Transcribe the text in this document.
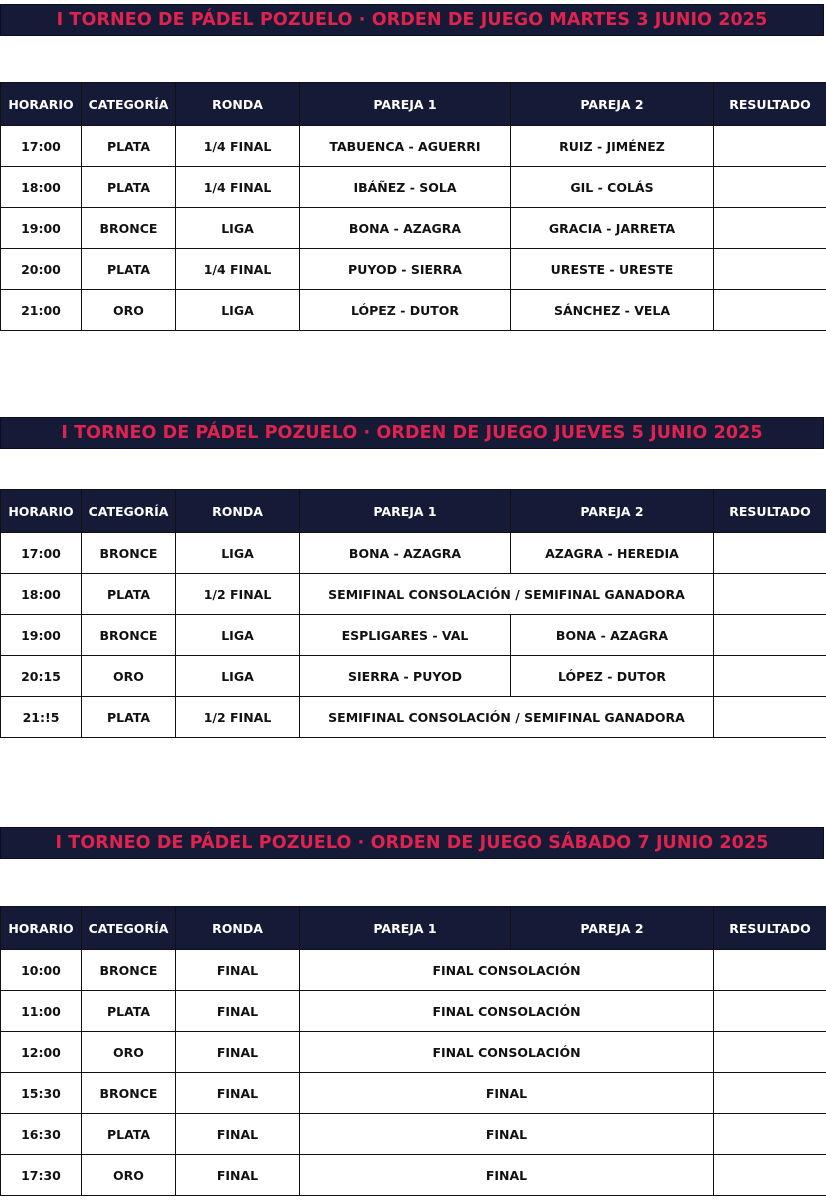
I TORNEO DE PÁDEL POZUELO · ORDEN DE JUEGO MARTES 3 JUNIO 2025
HORARIO	CATEGORÍA	RONDA	PAREJA 1	PAREJA 2	RESULTADO
17:00	PLATA	1/4 FINAL	TABUENCA - AGUERRI	RUIZ - JIMÉNEZ	
18:00	PLATA	1/4 FINAL	IBÁÑEZ - SOLA	GIL - COLÁS	
19:00	BRONCE	LIGA	BONA - AZAGRA	GRACIA - JARRETA	
20:00	PLATA	1/4 FINAL	PUYOD - SIERRA	URESTE - URESTE	
21:00	ORO	LIGA	LÓPEZ - DUTOR	SÁNCHEZ - VELA	
I TORNEO DE PÁDEL POZUELO · ORDEN DE JUEGO JUEVES 5 JUNIO 2025
HORARIO	CATEGORÍA	RONDA	PAREJA 1	PAREJA 2	RESULTADO
17:00	BRONCE	LIGA	BONA - AZAGRA	AZAGRA - HEREDIA	
18:00	PLATA	1/2 FINAL	SEMIFINAL CONSOLACIÓN / SEMIFINAL GANADORA		
19:00	BRONCE	LIGA	ESPLIGARES - VAL	BONA - AZAGRA	
20:15	ORO	LIGA	SIERRA - PUYOD	LÓPEZ - DUTOR	
21:!5	PLATA	1/2 FINAL	SEMIFINAL CONSOLACIÓN / SEMIFINAL GANADORA		
I TORNEO DE PÁDEL POZUELO · ORDEN DE JUEGO SÁBADO 7 JUNIO 2025
HORARIO	CATEGORÍA	RONDA	PAREJA 1	PAREJA 2	RESULTADO
10:00	BRONCE	FINAL	FINAL CONSOLACIÓN		
11:00	PLATA	FINAL	FINAL CONSOLACIÓN		
12:00	ORO	FINAL	FINAL CONSOLACIÓN		
15:30	BRONCE	FINAL	FINAL		
16:30	PLATA	FINAL	FINAL		
17:30	ORO	FINAL	FINAL		
